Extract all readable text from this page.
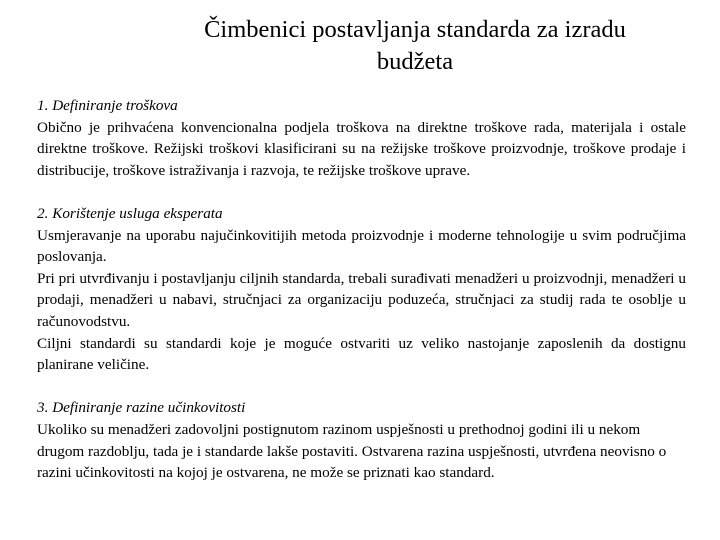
Čimbenici postavljanja standarda za izradu
budžeta

1. Definiranje troškova

Obično je prihvaćena konvencionalna podjela troškova na direktne troškove rada, materijala i ostale direktne troškove. Režijski troškovi klasificirani su na režijske troškove proizvodnje, troškove prodaje i distribucije, troškove istraživanja i razvoja, te režijske troškove uprave.

2. Korištenje usluga eksperata

Usmjeravanje na uporabu najučinkovitijih metoda proizvodnje i moderne tehnologije u svim područjima poslovanja.

Pri pri utvrđivanju i postavljanju ciljnih standarda, trebali surađivati menadžeri u proizvodnji, menadžeri u prodaji, menadžeri u nabavi, stručnjaci za organizaciju poduzeća, stručnjaci za studij rada te osoblje u računovodstvu.

Ciljni standardi su standardi koje je moguće ostvariti uz veliko nastojanje zaposlenih da dostignu planirane veličine.

3. Definiranje razine učinkovitosti

Ukoliko su menadžeri zadovoljni postignutom razinom uspješnosti u prethodnoj godini ili u nekom drugom razdoblju, tada je i standarde lakše postaviti. Ostvarena razina uspješnosti, utvrđena neovisno o razini učinkovitosti na kojoj je ostvarena, ne može se priznati kao standard.
